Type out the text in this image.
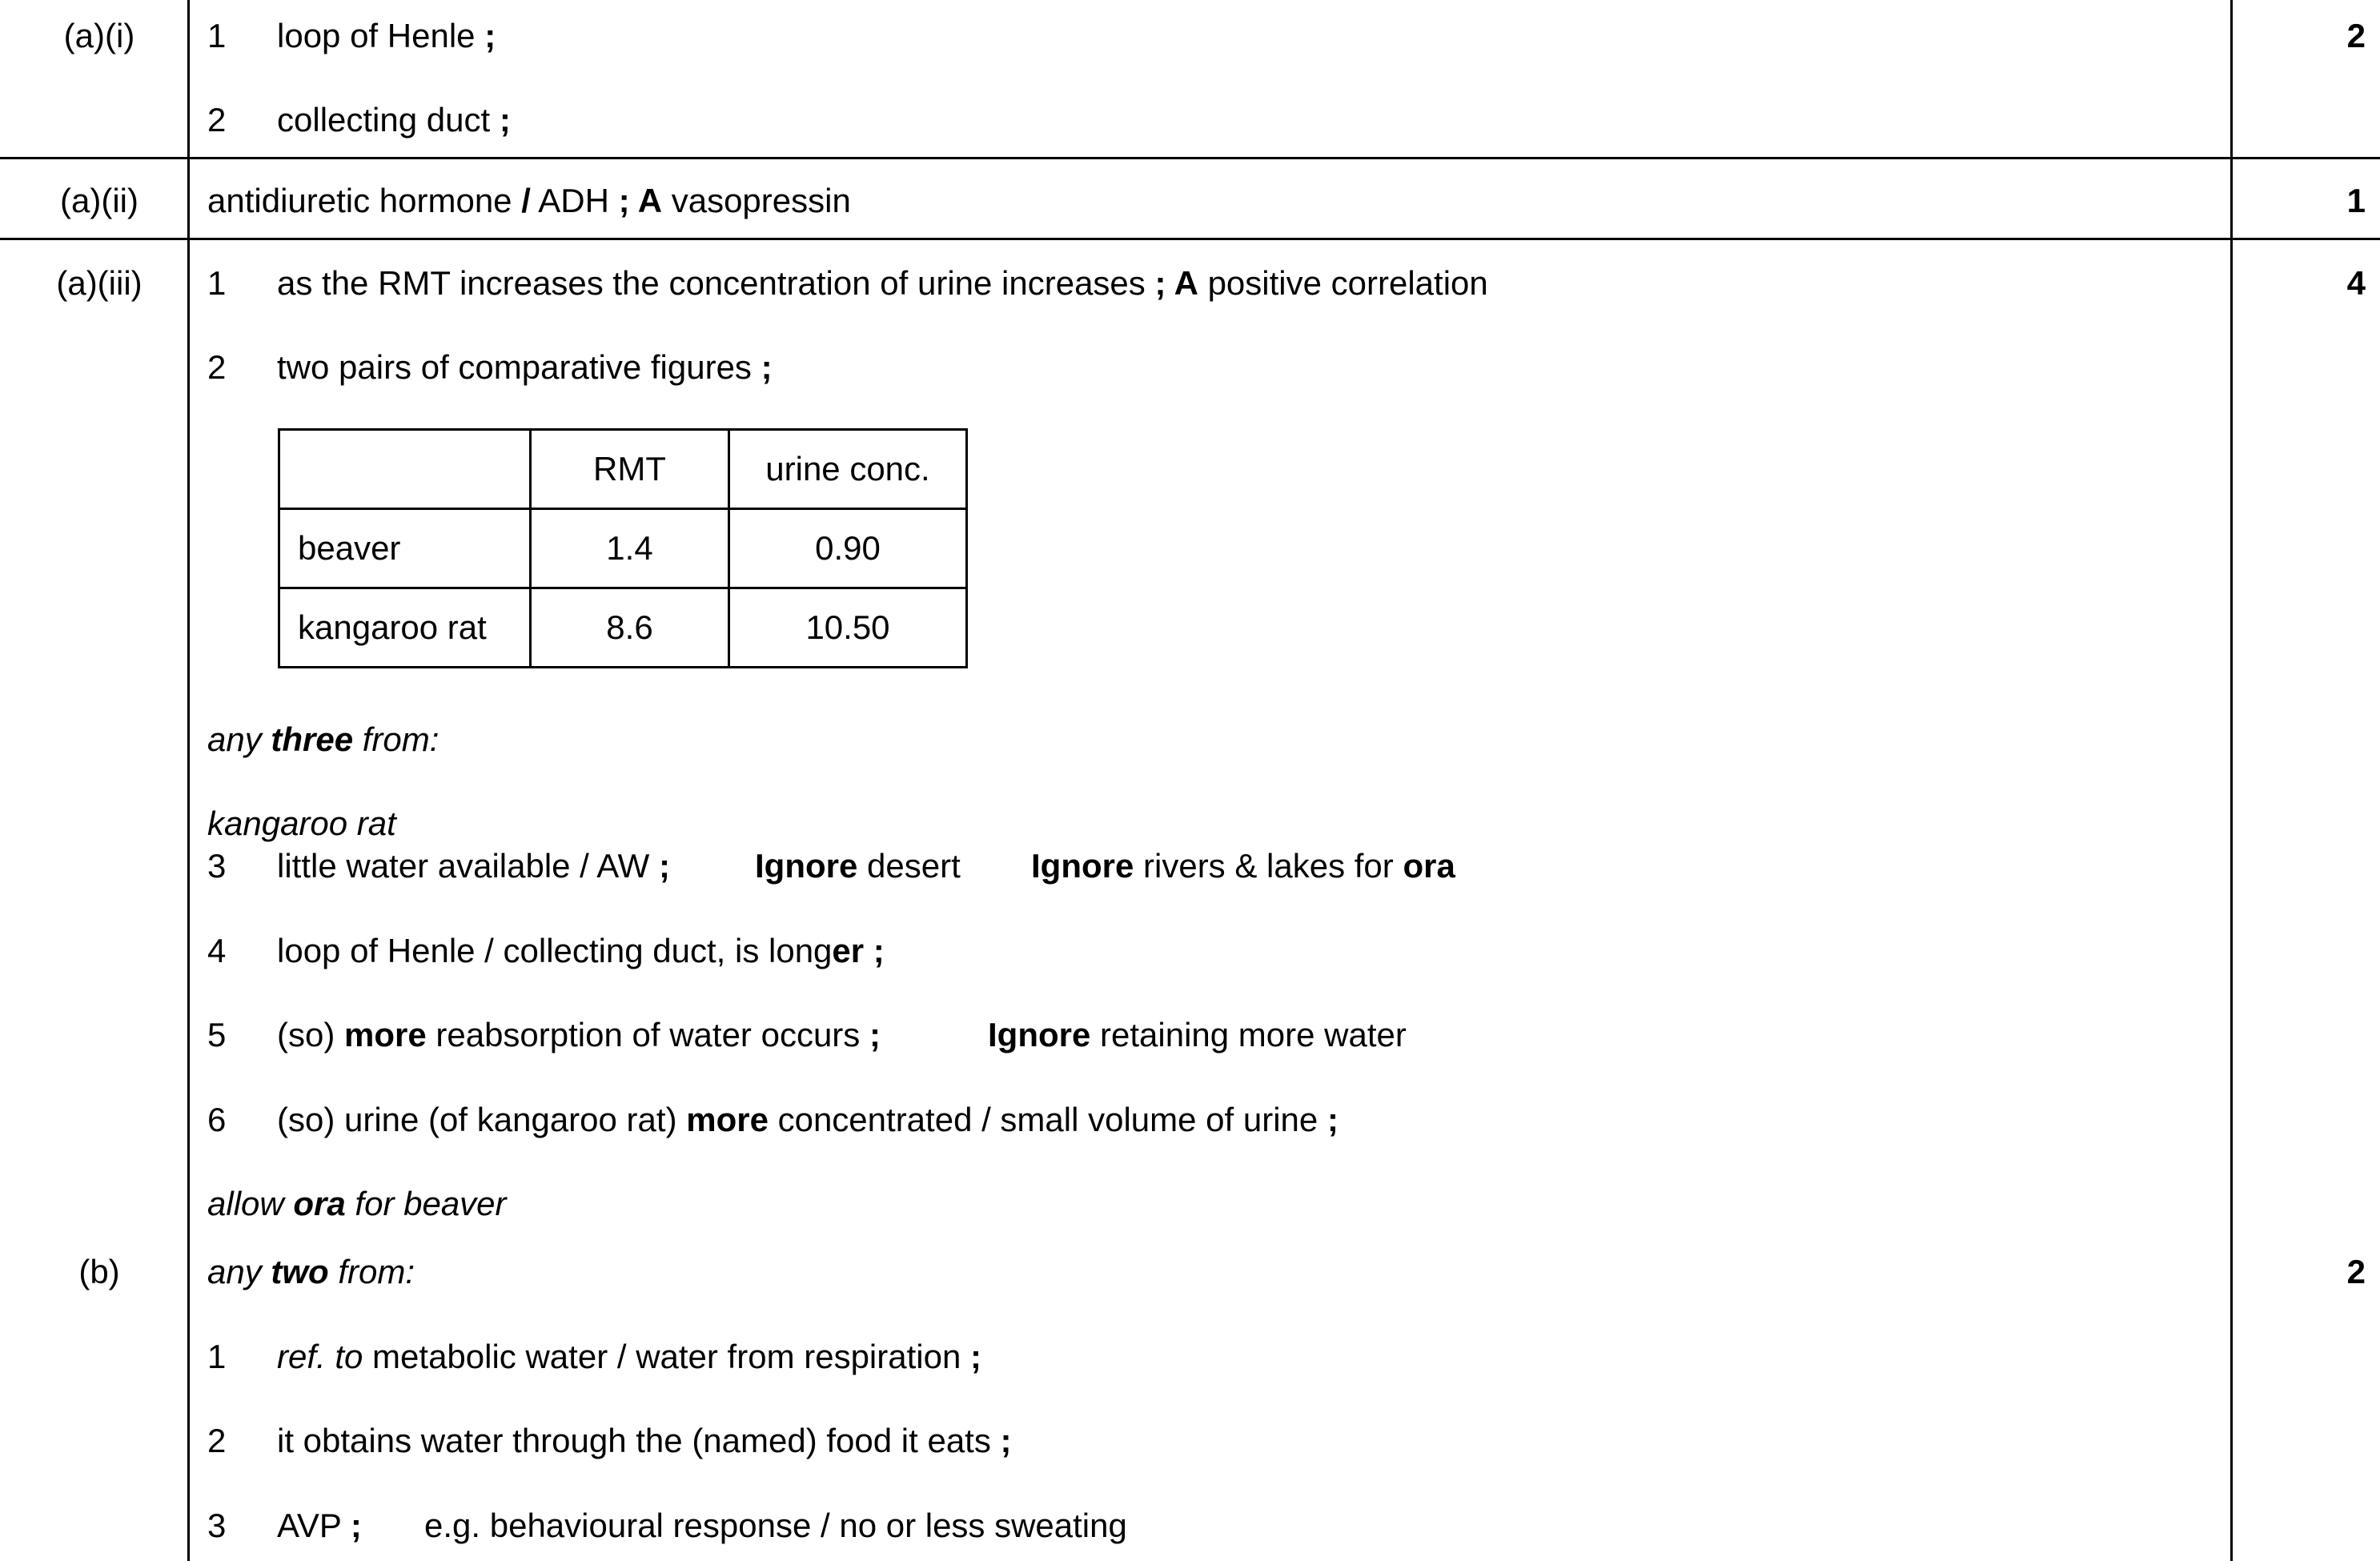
(a)(i)	1 loop of Henle ;	2
2 collecting duct ;
(a)(ii)	antidiuretic hormone / ADH ; A vasopressin	1
(a)(iii)	1 as the RMT increases the concentration of urine increases ; A positive correlation	4
2 two pairs of comparative figures ;
	RMT	urine conc.
beaver	1.4	0.90
kangaroo rat	8.6	10.50
any three from:
kangaroo rat
3 little water available / AW ;	Ignore desert Ignore rivers & lakes for ora
4 loop of Henle / collecting duct, is longer ;
5 (so) more reabsorption of water occurs ;	Ignore retaining more water
6 (so) urine (of kangaroo rat) more concentrated / small volume of urine ;
allow ora for beaver
(b)	any two from:	2
1 ref. to metabolic water / water from respiration ;
2 it obtains water through the (named) food it eats ;
3 AVP ; e.g. behavioural response / no or less sweating
